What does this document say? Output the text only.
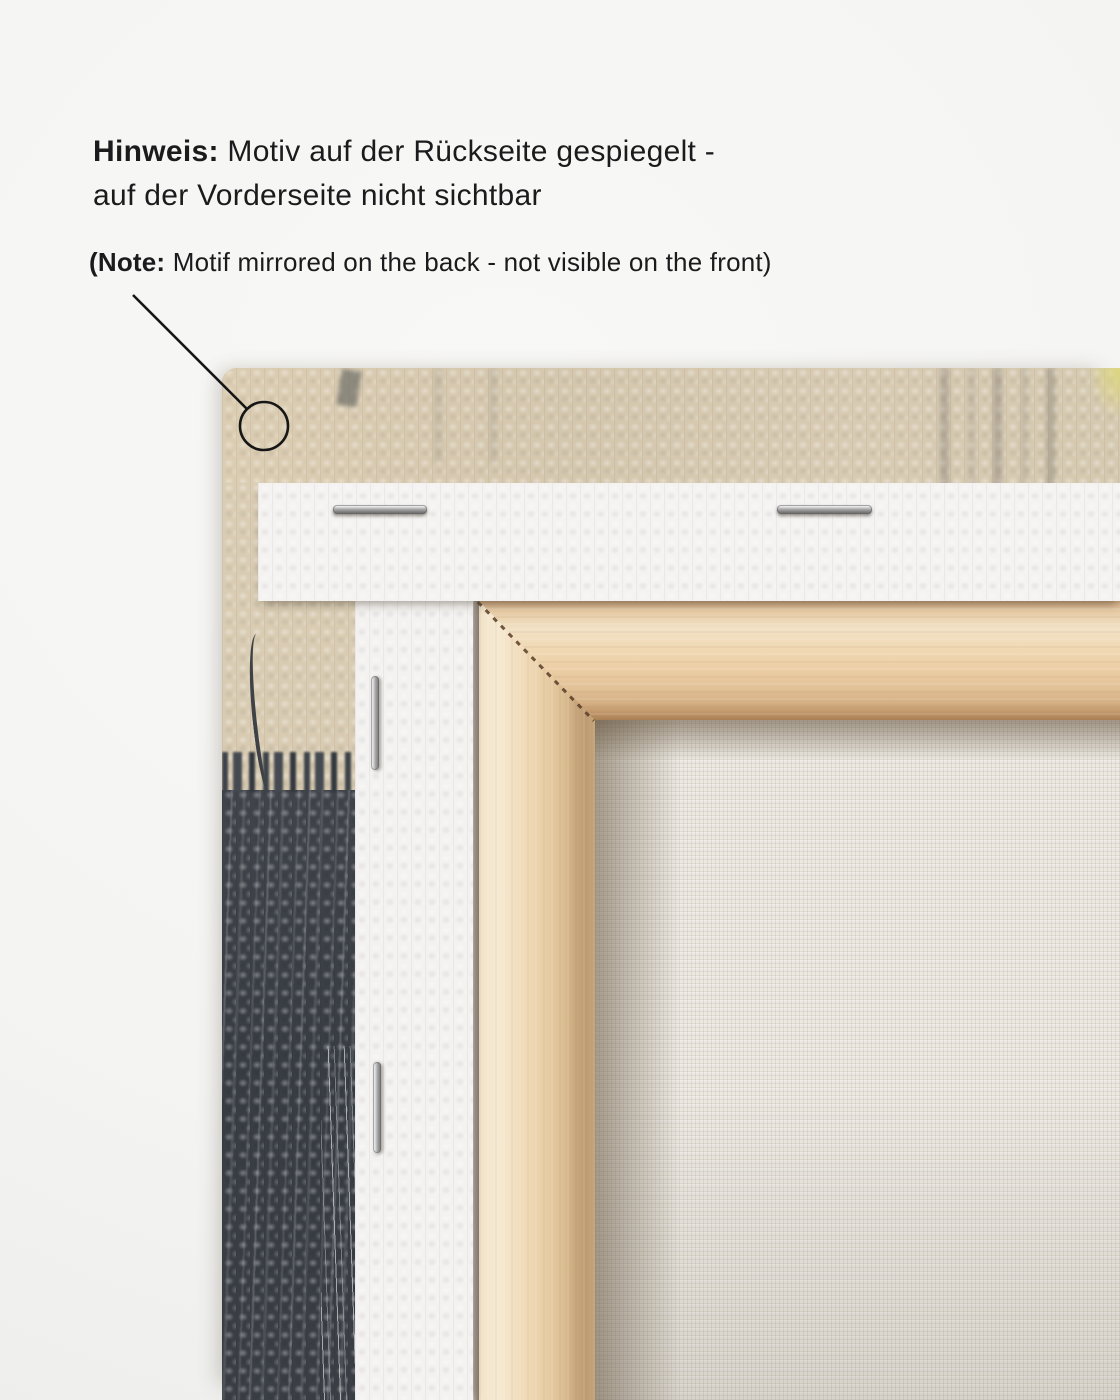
Hinweis: Motiv auf der Rückseite gespiegelt -
auf der Vorderseite nicht sichtbar
(Note: Motif mirrored on the back - not visible on the front)
